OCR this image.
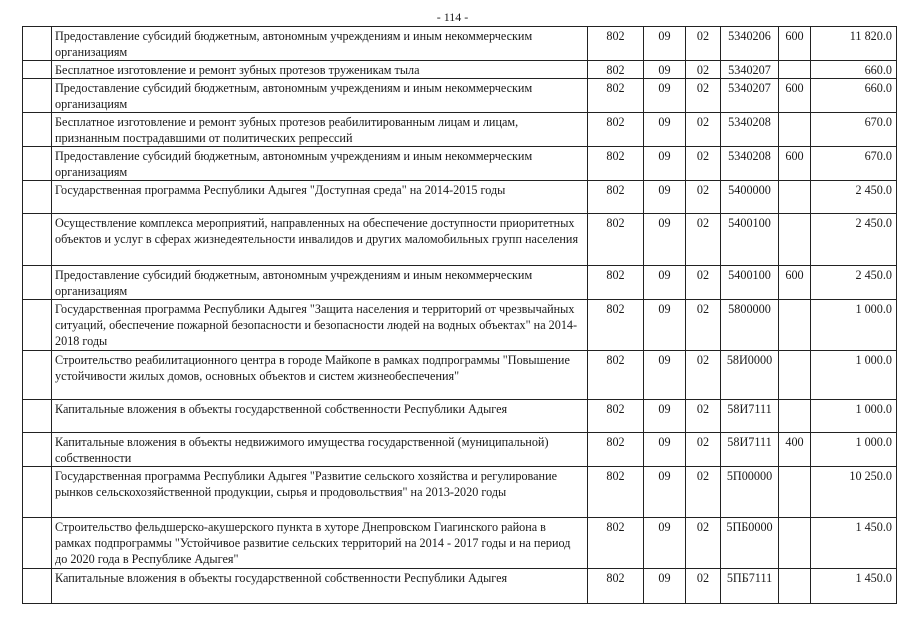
- 114 -
	Предоставление субсидий бюджетным, автономным учреждениям и иным некоммерческим организациям	802	09	02	5340206	600	11 820.0
	Бесплатное изготовление и ремонт зубных протезов труженикам тыла	802	09	02	5340207		660.0
	Предоставление субсидий бюджетным, автономным учреждениям и иным некоммерческим организациям	802	09	02	5340207	600	660.0
	Бесплатное изготовление и ремонт зубных протезов реабилитированным лицам и лицам, признанным пострадавшими от политических репрессий	802	09	02	5340208		670.0
	Предоставление субсидий бюджетным, автономным учреждениям и иным некоммерческим организациям	802	09	02	5340208	600	670.0
	Государственная программа Республики Адыгея "Доступная среда" на 2014-2015 годы	802	09	02	5400000		2 450.0
	Осуществление комплекса мероприятий, направленных на обеспечение доступности приоритетных объектов и услуг в сферах жизнедеятельности инвалидов и других маломобильных групп населения	802	09	02	5400100		2 450.0
	Предоставление субсидий бюджетным, автономным учреждениям и иным некоммерческим организациям	802	09	02	5400100	600	2 450.0
	Государственная программа Республики Адыгея "Защита населения и территорий от чрезвычайных ситуаций, обеспечение пожарной безопасности и безопасности людей на водных объектах" на 2014-2018 годы	802	09	02	5800000		1 000.0
	Строительство реабилитационного центра в городе Майкопе в рамках подпрограммы "Повышение устойчивости жилых домов, основных объектов и систем жизнеобеспечения"	802	09	02	58И0000		1 000.0
	Капитальные вложения в объекты государственной собственности Республики Адыгея	802	09	02	58И7111		1 000.0
	Капитальные вложения в объекты недвижимого имущества государственной (муниципальной) собственности	802	09	02	58И7111	400	1 000.0
	Государственная программа Республики Адыгея "Развитие сельского хозяйства и регулирование рынков сельскохозяйственной продукции, сырья и продовольствия" на 2013-2020 годы	802	09	02	5П00000		10 250.0
	Строительство фельдшерско-акушерского пункта в хуторе Днепровском Гиагинского района в рамках подпрограммы "Устойчивое развитие сельских территорий на 2014 - 2017 годы и на период до 2020 года в Республике Адыгея"	802	09	02	5ПБ0000		1 450.0
	Капитальные вложения в объекты государственной собственности Республики Адыгея	802	09	02	5ПБ7111		1 450.0
